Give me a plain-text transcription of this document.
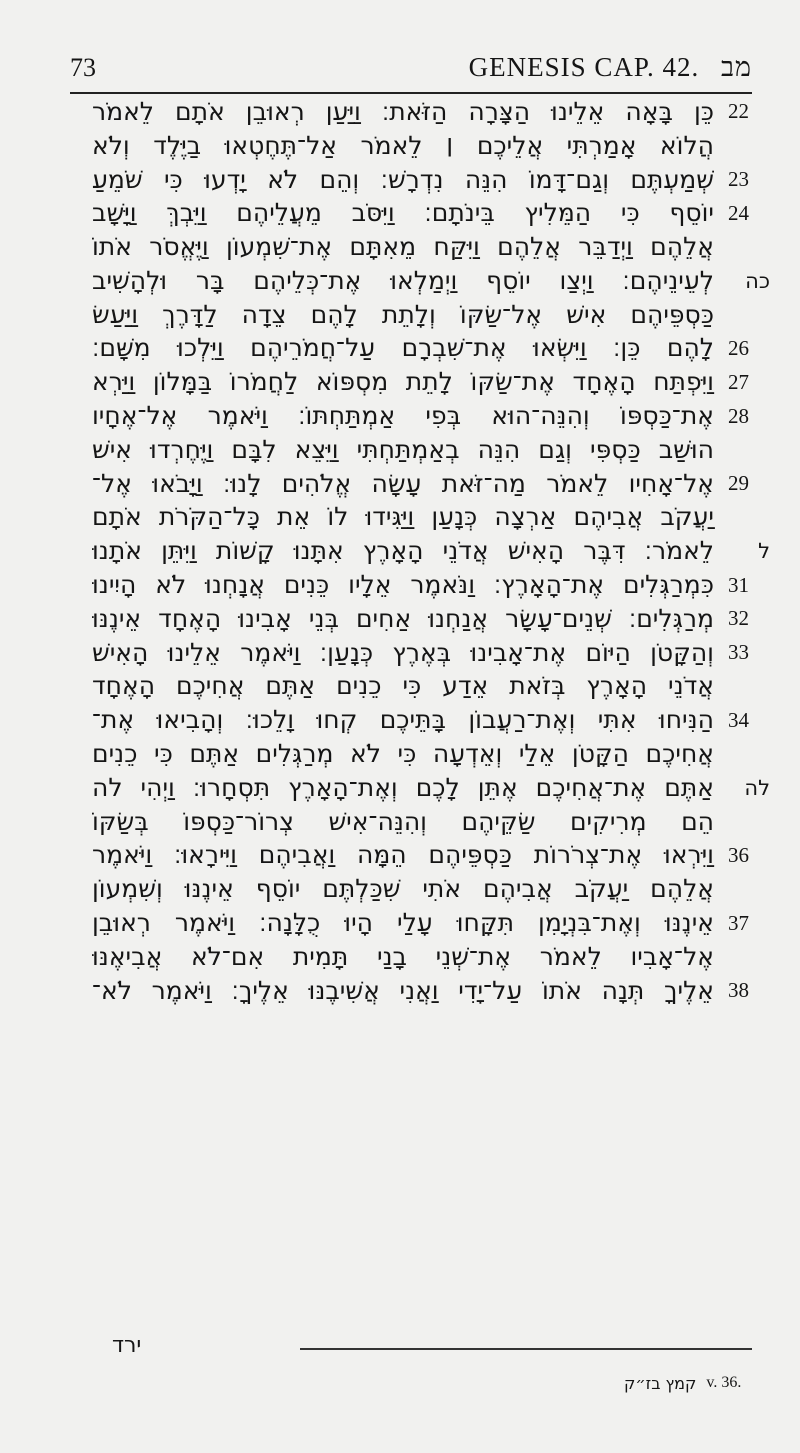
73	GENESIS CAP. 42. מב
כֵּן בָּאָה אֵלֵינוּ הַצָּרָה הַזֹּאת׃ וַיַּעַן רְאוּבֵן אֹתָם לֵאמֹר 22
הֲלוֹא אָמַרְתִּי אֲלֵיכֶם ׀ לֵאמֹר אַל־תֶּחֶטְאוּ בַיֶּלֶד וְלֹא
שְׁמַעְתֶּם וְגַם־דָּמוֹ הִנֵּה נִדְרָשׁ׃ וְהֵם לֹא יָדְעוּ כִּי שֹׁמֵעַ 23
יוֹסֵף כִּי הַמֵּלִיץ בֵּינֹתָם׃ וַיִּסֹּב מֵעֲלֵיהֶם וַיֵּבְךְּ וַיָּשָׁב 24
אֲלֵהֶם וַיְדַבֵּר אֲלֵהֶם וַיִּקַּח מֵאִתָּם אֶת־שִׁמְעוֹן וַיֶּאֱסֹר אֹתוֹ
לְעֵינֵיהֶם׃ וַיְצַו יוֹסֵף וַיְמַלְאוּ אֶת־כְּלֵיהֶם בָּר וּלְהָשִׁיב	כה
כַּסְפֵּיהֶם אִישׁ אֶל־שַׂקּוֹ וְלָתֵת לָהֶם צֵדָה לַדָּרֶךְ וַיַּעַשׂ
לָהֶם כֵּן׃ וַיִּשְׂאוּ אֶת־שִׁבְרָם עַל־חֲמֹרֵיהֶם וַיֵּלְכוּ מִשָּׁם׃ 26
וַיִּפְתַּח הָאֶחָד אֶת־שַׂקּוֹ לָתֵת מִסְפּוֹא לַחֲמֹרוֹ בַּמָּלוֹן וַיַּרְא 27
אֶת־כַּסְפּוֹ וְהִנֵּה־הוּא בְּפִי אַמְתַּחְתּוֹ׃ וַיֹּאמֶר אֶל־אֶחָיו 28
הוּשַׁב כַּסְפִּי וְגַם הִנֵּה בְאַמְתַּחְתִּי וַיֵּצֵא לִבָּם וַיֶּחֶרְדוּ אִישׁ
אֶל־אָחִיו לֵאמֹר מַה־זֹּאת עָשָׂה אֱלֹהִים לָנוּ׃ וַיָּבֹאוּ אֶל־ 29
יַעֲקֹב אֲבִיהֶם אַרְצָה כְּנָעַן וַיַּגִּידוּ לוֹ אֵת כָּל־הַקֹּרֹת אֹתָם
לֵאמֹר׃ דִּבֶּר הָאִישׁ אֲדֹנֵי הָאָרֶץ אִתָּנוּ קָשׁוֹת וַיִּתֵּן אֹתָנוּ	ל
כִּמְרַגְּלִים אֶת־הָאָרֶץ׃ וַנֹּאמֶר אֵלָיו כֵּנִים אֲנָחְנוּ לֹא הָיִינוּ 31
מְרַגְּלִים׃ שְׁנֵים־עָשָׂר אֲנַחְנוּ אַחִים בְּנֵי אָבִינוּ הָאֶחָד אֵינֶנּוּ 32
וְהַקָּטֹן הַיּוֹם אֶת־אָבִינוּ בְּאֶרֶץ כְּנָעַן׃ וַיֹּאמֶר אֵלֵינוּ הָאִישׁ 33
אֲדֹנֵי הָאָרֶץ בְּזֹאת אֵדַע כִּי כֵנִים אַתֶּם אֲחִיכֶם הָאֶחָד
הַנִּיחוּ אִתִּי וְאֶת־רַעֲבוֹן בָּתֵּיכֶם קְחוּ וָלֵכוּ׃ וְהָבִיאוּ אֶת־ 34
אֲחִיכֶם הַקָּטֹן אֵלַי וְאֵדְעָה כִּי לֹא מְרַגְּלִים אַתֶּם כִּי כֵנִים
אַתֶּם אֶת־אֲחִיכֶם אֶתֵּן לָכֶם וְאֶת־הָאָרֶץ תִּסְחָרוּ׃ וַיְהִי לה	לה
הֵם מְרִיקִים שַׂקֵּיהֶם וְהִנֵּה־אִישׁ צְרוֹר־כַּסְפּוֹ בְּשַׂקּוֹ
וַיִּרְאוּ אֶת־צְרֹרוֹת כַּסְפֵּיהֶם הֵמָּה וַאֲבִיהֶם וַיִּירָאוּ׃ וַיֹּאמֶר 36
אֲלֵהֶם יַעֲקֹב אֲבִיהֶם אֹתִי שִׁכַּלְתֶּם יוֹסֵף אֵינֶנּוּ וְשִׁמְעוֹן
אֵינֶנּוּ וְאֶת־בִּנְיָמִן תִּקָּחוּ עָלַי הָיוּ כֻלָּנָה׃ וַיֹּאמֶר רְאוּבֵן 37
אֶל־אָבִיו לֵאמֹר אֶת־שְׁנֵי בָנַי תָּמִית אִם־לֹא אֲבִיאֶנּוּ
אֵלֶיךָ תְּנָה אֹתוֹ עַל־יָדִי וַאֲנִי אֲשִׁיבֶנּוּ אֵלֶיךָ׃ וַיֹּאמֶר לֹא־ 38
ירד
קמץ בז״ק v. 36.
